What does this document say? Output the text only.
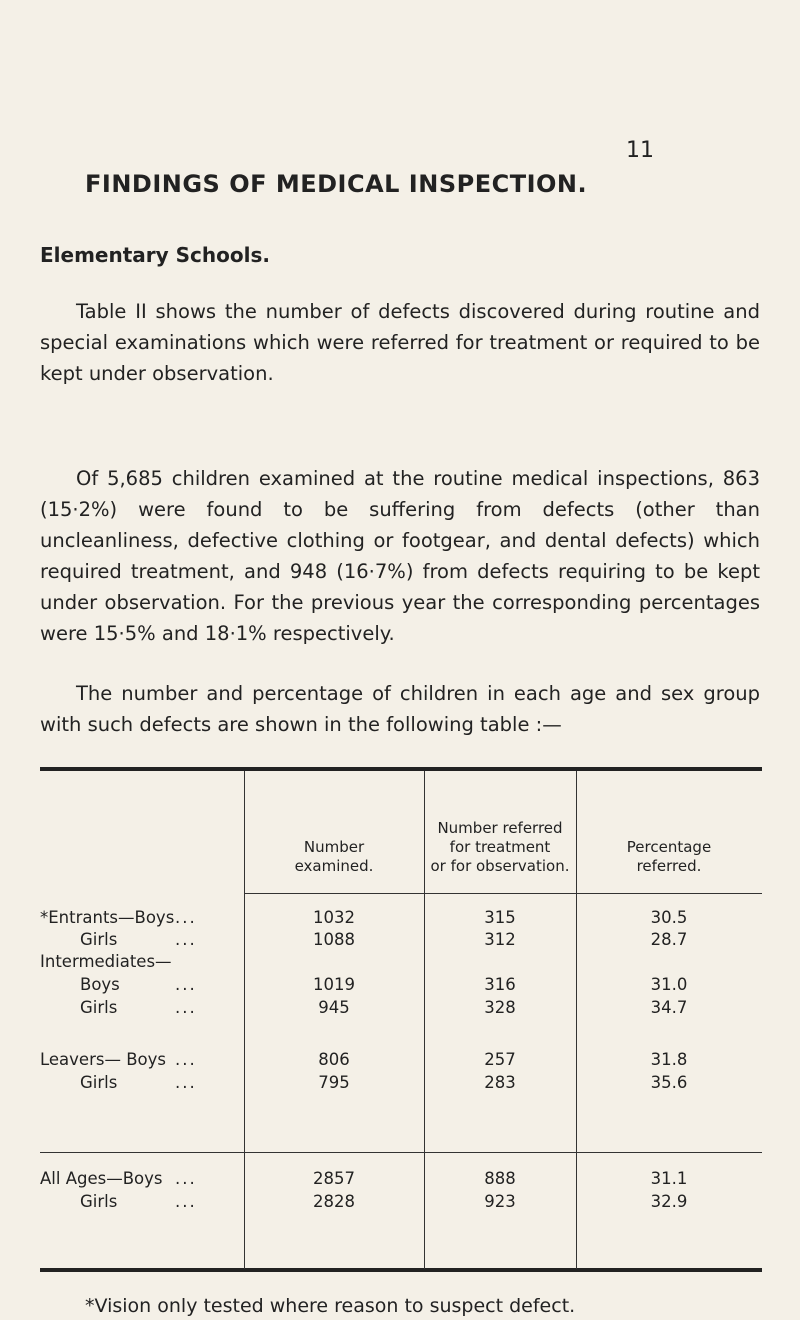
11
FINDINGS OF MEDICAL INSPECTION.
Elementary Schools.

Table II shows the number of defects discovered during routine and special examinations which were referred for treatment or required to be kept under observation.

Of 5,685 children examined at the routine medical inspections, 863 (15·2%) were found to be suffering from defects (other than uncleanliness, defective clothing or footgear, and dental defects) which required treatment, and 948 (16·7%) from defects requiring to be kept under observation. For the previous year the corresponding percentages were 15·5% and 18·1% respectively.

The number and percentage of children in each age and sex group with such defects are shown in the following table :—

Number
examined.

Number referred
for treatment
or for observation.

Percentage
referred.

*Entrants—Boys ...	1032	315	30.5
Girls	...	1088	312	28.7
Intermediates—
Boys	...	1019	316	31.0
Girls	...	945	328	34.7
Leavers— Boys ...	806	257	31.8
Girls	...	795	283	35.6
All Ages—Boys ...	2857	888	31.1
Girls	...	2828	923	32.9
*Vision only tested where reason to suspect defect.
